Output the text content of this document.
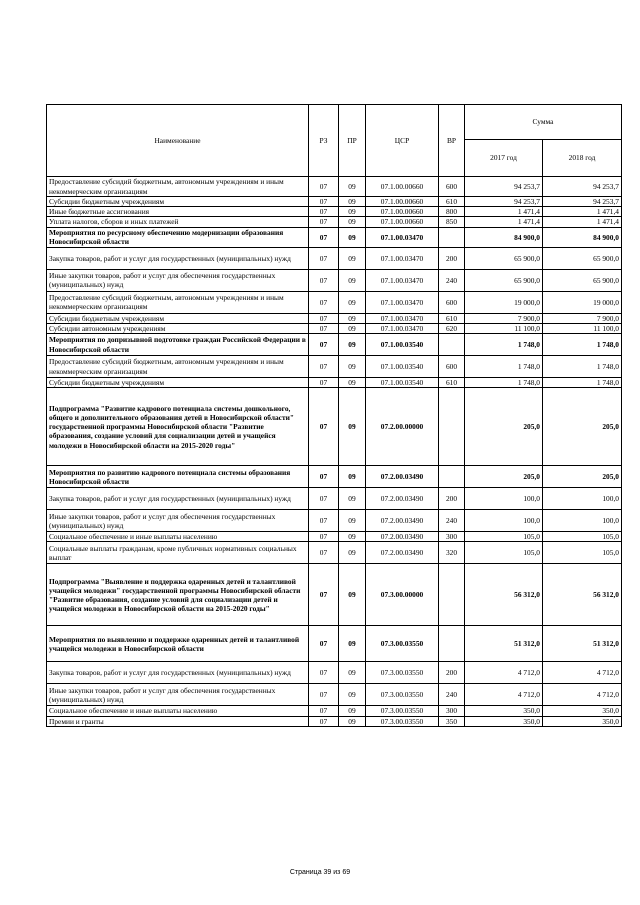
Наименование	РЗ	ПР	ЦСР	ВР	Сумма	
					2017 год	2018 год
Предоставление субсидий бюджетным, автономным учреждениям и иным некоммерческим организациям	07	09	07.1.00.00660	600	94 253,7	94 253,7
Субсидии бюджетным учреждениям	07	09	07.1.00.00660	610	94 253,7	94 253,7
Иные бюджетные ассигнования	07	09	07.1.00.00660	800	1 471,4	1 471,4
Уплата налогов, сборов и иных платежей	07	09	07.1.00.00660	850	1 471,4	1 471,4
Мероприятия по ресурсному обеспечению модернизации образования Новосибирской области	07	09	07.1.00.03470		84 900,0	84 900,0
Закупка товаров, работ и услуг для государственных (муниципальных) нужд	07	09	07.1.00.03470	200	65 900,0	65 900,0
Иные закупки товаров, работ и услуг для обеспечения государственных (муниципальных) нужд	07	09	07.1.00.03470	240	65 900,0	65 900,0
Предоставление субсидий бюджетным, автономным учреждениям и иным некоммерческим организациям	07	09	07.1.00.03470	600	19 000,0	19 000,0
Субсидии бюджетным учреждениям	07	09	07.1.00.03470	610	7 900,0	7 900,0
Субсидии автономным учреждениям	07	09	07.1.00.03470	620	11 100,0	11 100,0
Мероприятия по допризывной подготовке граждан Российской Федерации в Новосибирской области	07	09	07.1.00.03540		1 748,0	1 748,0
Предоставление субсидий бюджетным, автономным учреждениям и иным некоммерческим организациям	07	09	07.1.00.03540	600	1 748,0	1 748,0
Субсидии бюджетным учреждениям	07	09	07.1.00.03540	610	1 748,0	1 748,0
Подпрограмма "Развитие кадрового потенциала системы дошкольного, общего и дополнительного образования детей в Новосибирской области" государственной программы Новосибирской области "Развитие образования, создание условий для социализации детей и учащейся молодежи в Новосибирской области на 2015-2020 годы"	07	09	07.2.00.00000		205,0	205,0
Мероприятия по развитию кадрового потенциала системы образования Новосибирской области	07	09	07.2.00.03490		205,0	205,0
Закупка товаров, работ и услуг для государственных (муниципальных) нужд	07	09	07.2.00.03490	200	100,0	100,0
Иные закупки товаров, работ и услуг для обеспечения государственных (муниципальных) нужд	07	09	07.2.00.03490	240	100,0	100,0
Социальное обеспечение и иные выплаты населению	07	09	07.2.00.03490	300	105,0	105,0
Социальные выплаты гражданам, кроме публичных нормативных социальных выплат	07	09	07.2.00.03490	320	105,0	105,0
Подпрограмма "Выявление и поддержка одаренных детей и талантливой учащейся молодежи" государственной программы Новосибирской области "Развитие образования, создание условий для социализации детей и учащейся молодежи в Новосибирской области на 2015-2020 годы"	07	09	07.3.00.00000		56 312,0	56 312,0
Мероприятия по выявлению и поддержке одаренных детей и талантливой учащейся молодежи в Новосибирской области	07	09	07.3.00.03550		51 312,0	51 312,0
Закупка товаров, работ и услуг для государственных (муниципальных) нужд	07	09	07.3.00.03550	200	4 712,0	4 712,0
Иные закупки товаров, работ и услуг для обеспечения государственных (муниципальных) нужд	07	09	07.3.00.03550	240	4 712,0	4 712,0
Социальное обеспечение и иные выплаты населению	07	09	07.3.00.03550	300	350,0	350,0
Премии и гранты	07	09	07.3.00.03550	350	350,0	350,0
Страница 39 из 69
